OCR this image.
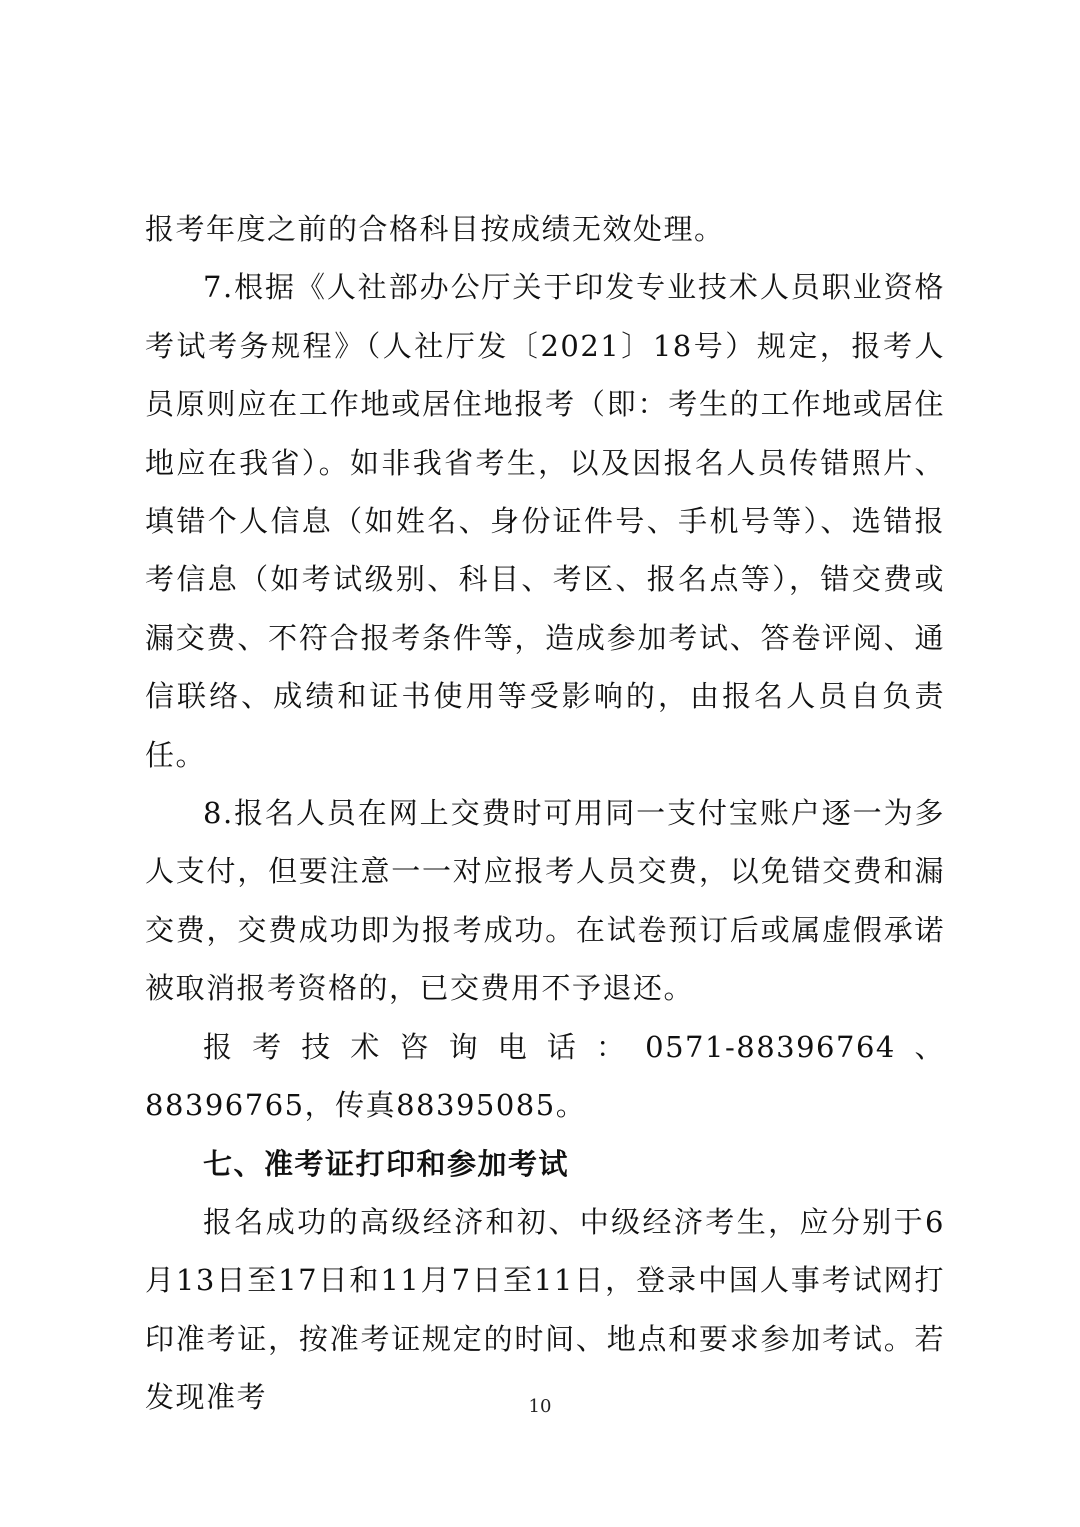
报考年度之前的合格科目按成绩无效处理。

7.根据《人社部办公厅关于印发专业技术人员职业资格考试考务规程》（人社厅发〔2021〕18号）规定，报考人员原则应在工作地或居住地报考（即：考生的工作地或居住地应在我省）。如非我省考生，以及因报名人员传错照片、填错个人信息（如姓名、身份证件号、手机号等）、选错报考信息（如考试级别、科目、考区、报名点等），错交费或漏交费、不符合报考条件等，造成参加考试、答卷评阅、通信联络、成绩和证书使用等受影响的，由报名人员自负责任。

8.报名人员在网上交费时可用同一支付宝账户逐一为多人支付，但要注意一一对应报考人员交费，以免错交费和漏交费，交费成功即为报考成功。在试卷预订后或属虚假承诺被取消报考资格的，已交费用不予退还。

报考技术咨询电话：0571-88396764、88396765，传真88395085。

七、准考证打印和参加考试

报名成功的高级经济和初、中级经济考生，应分别于6月13日至17日和11月7日至11日，登录中国人事考试网打印准考证，按准考证规定的时间、地点和要求参加考试。若发现准考	10
